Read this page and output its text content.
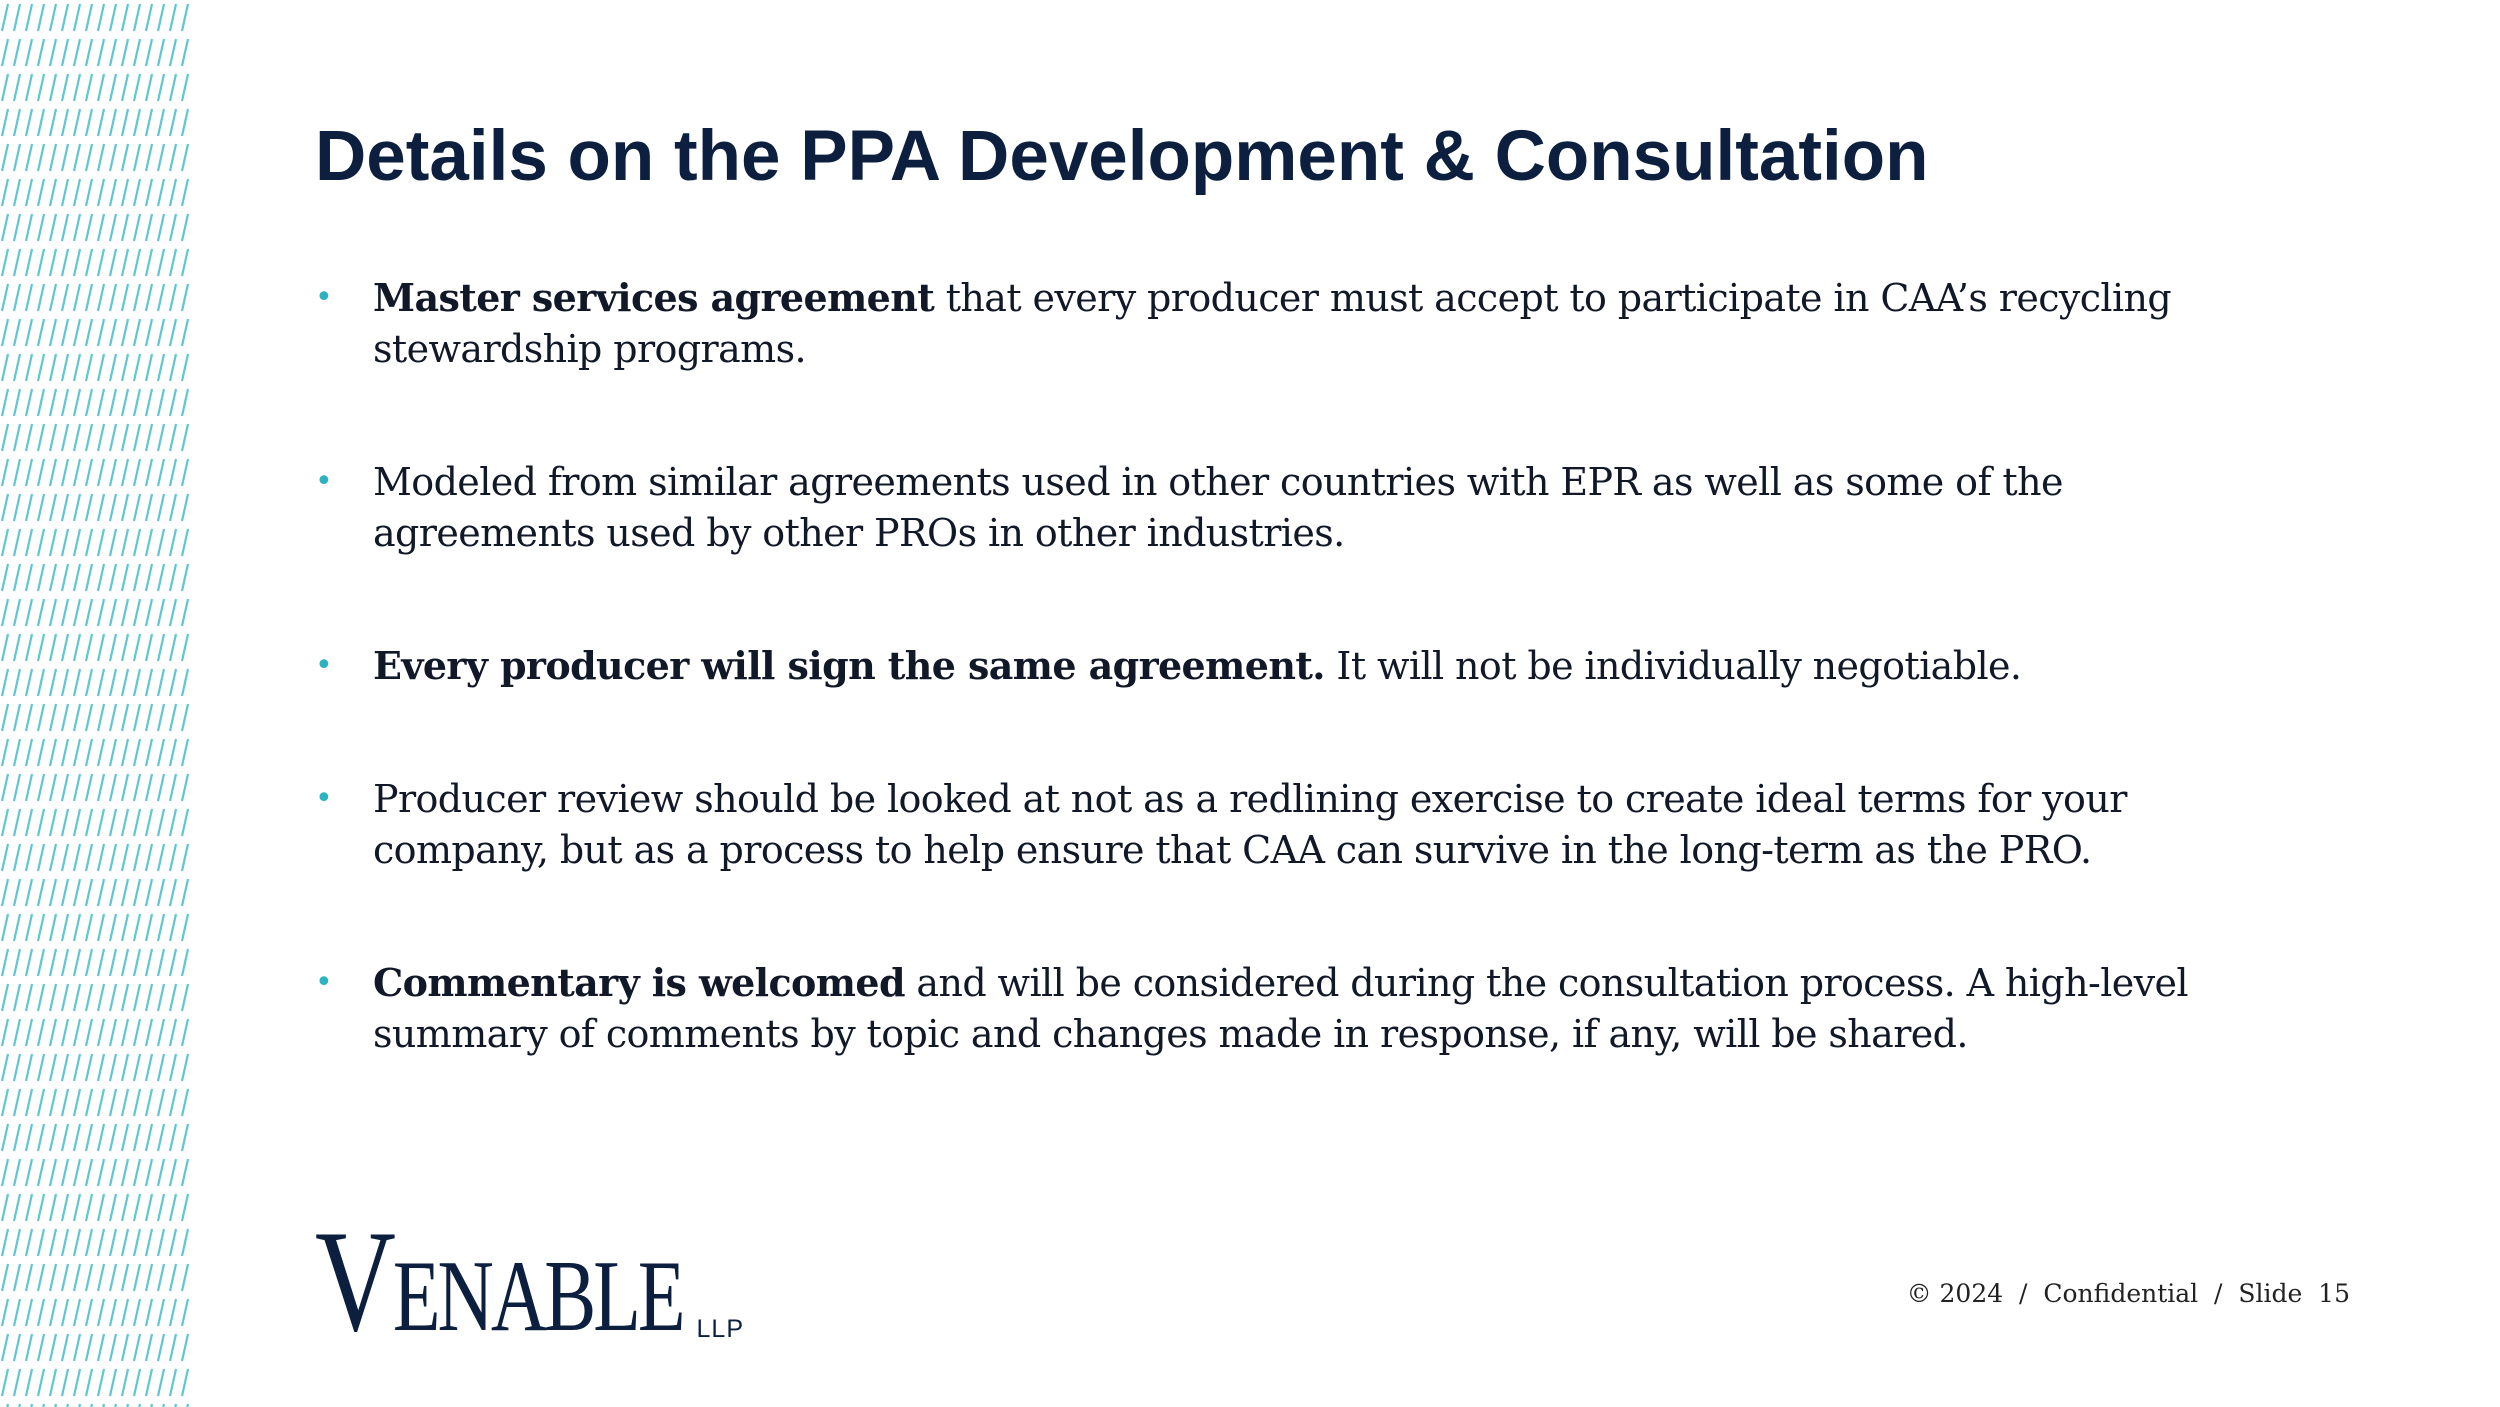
Details on the PPA Development & Consultation
• Master services agreement that every producer must accept to participate in CAA’s recycling stewardship programs.
• Modeled from similar agreements used in other countries with EPR as well as some of the agreements used by other PROs in other industries.
• Every producer will sign the same agreement. It will not be individually negotiable.
• Producer review should be looked at not as a redlining exercise to create ideal terms for your company, but as a process to help ensure that CAA can survive in the long-term as the PRO.
• Commentary is welcomed and will be considered during the consultation process. A high-level summary of comments by topic and changes made in response, if any, will be shared.
VENABLE LLP
© 2024  /  Confidential  /  Slide  15
